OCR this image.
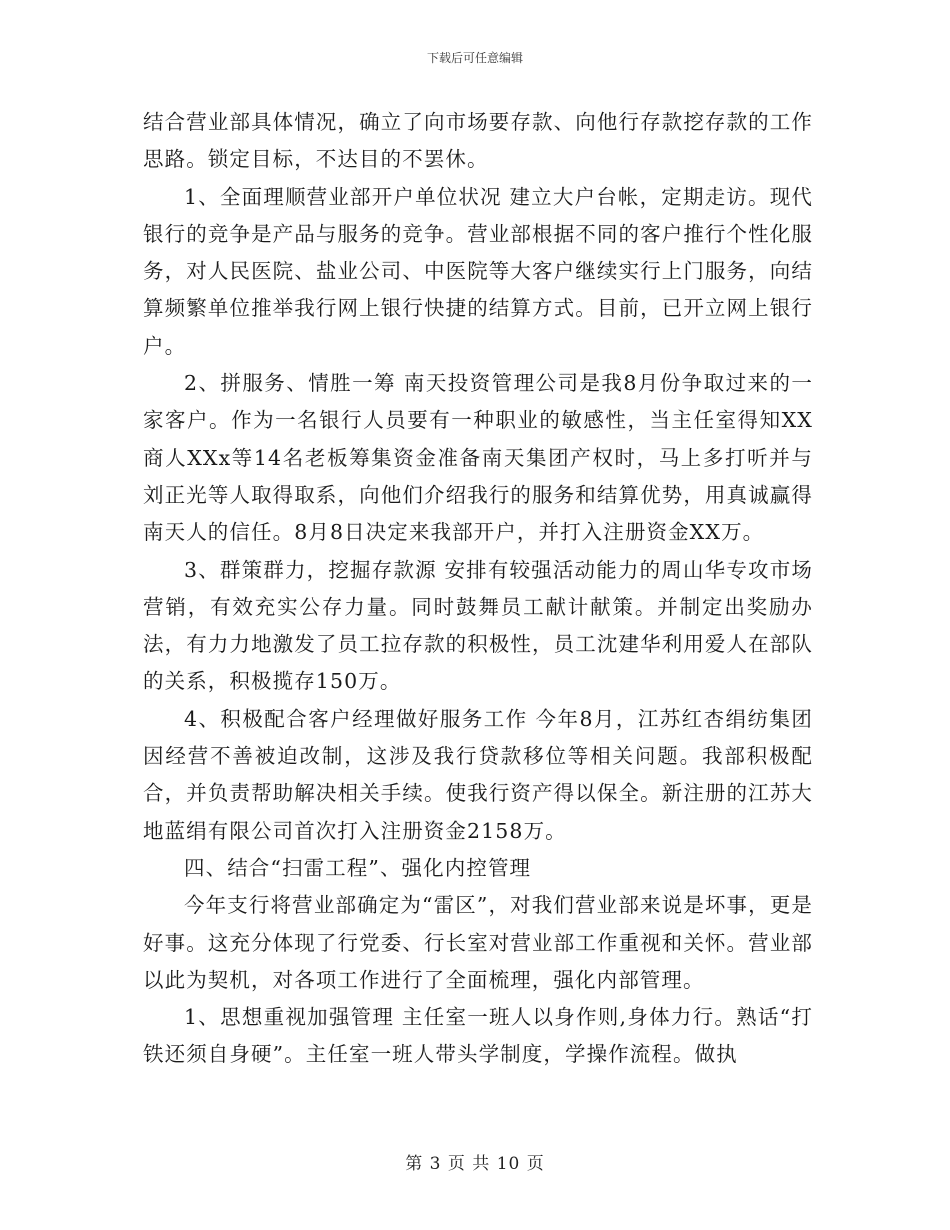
下载后可任意编辑

结合营业部具体情况，确立了向市场要存款、向他行存款挖存款的工作思路。锁定目标，不达目的不罢休。

1、全面理顺营业部开户单位状况 建立大户台帐，定期走访。现代银行的竞争是产品与服务的竞争。营业部根据不同的客户推行个性化服务，对人民医院、盐业公司、中医院等大客户继续实行上门服务，向结算频繁单位推举我行网上银行快捷的结算方式。目前，已开立网上银行 户。

2、拼服务、情胜一筹 南天投资管理公司是我8月份争取过来的一家客户。作为一名银行人员要有一种职业的敏感性，当主任室得知XX商人XXx等14名老板筹集资金准备南天集团产权时，马上多打听并与刘正光等人取得取系，向他们介绍我行的服务和结算优势，用真诚赢得南天人的信任。8月8日决定来我部开户，并打入注册资金XX万。

3、群策群力，挖掘存款源 安排有较强活动能力的周山华专攻市场营销，有效充实公存力量。同时鼓舞员工献计献策。并制定出奖励办法，有力力地激发了员工拉存款的积极性，员工沈建华利用爱人在部队的关系，积极揽存150万。

4、积极配合客户经理做好服务工作 今年8月，江苏红杏绢纺集团因经营不善被迫改制，这涉及我行贷款移位等相关问题。我部积极配合，并负责帮助解决相关手续。使我行资产得以保全。新注册的江苏大地蓝绢有限公司首次打入注册资金2158万。

四、结合“扫雷工程”、强化内控管理

今年支行将营业部确定为“雷区”，对我们营业部来说是坏事，更是好事。这充分体现了行党委、行长室对营业部工作重视和关怀。营业部以此为契机，对各项工作进行了全面梳理，强化内部管理。

1、思想重视加强管理 主任室一班人以身作则,身体力行。熟话“打铁还须自身硬”。主任室一班人带头学制度，学操作流程。做执

第 3 页 共 10 页
